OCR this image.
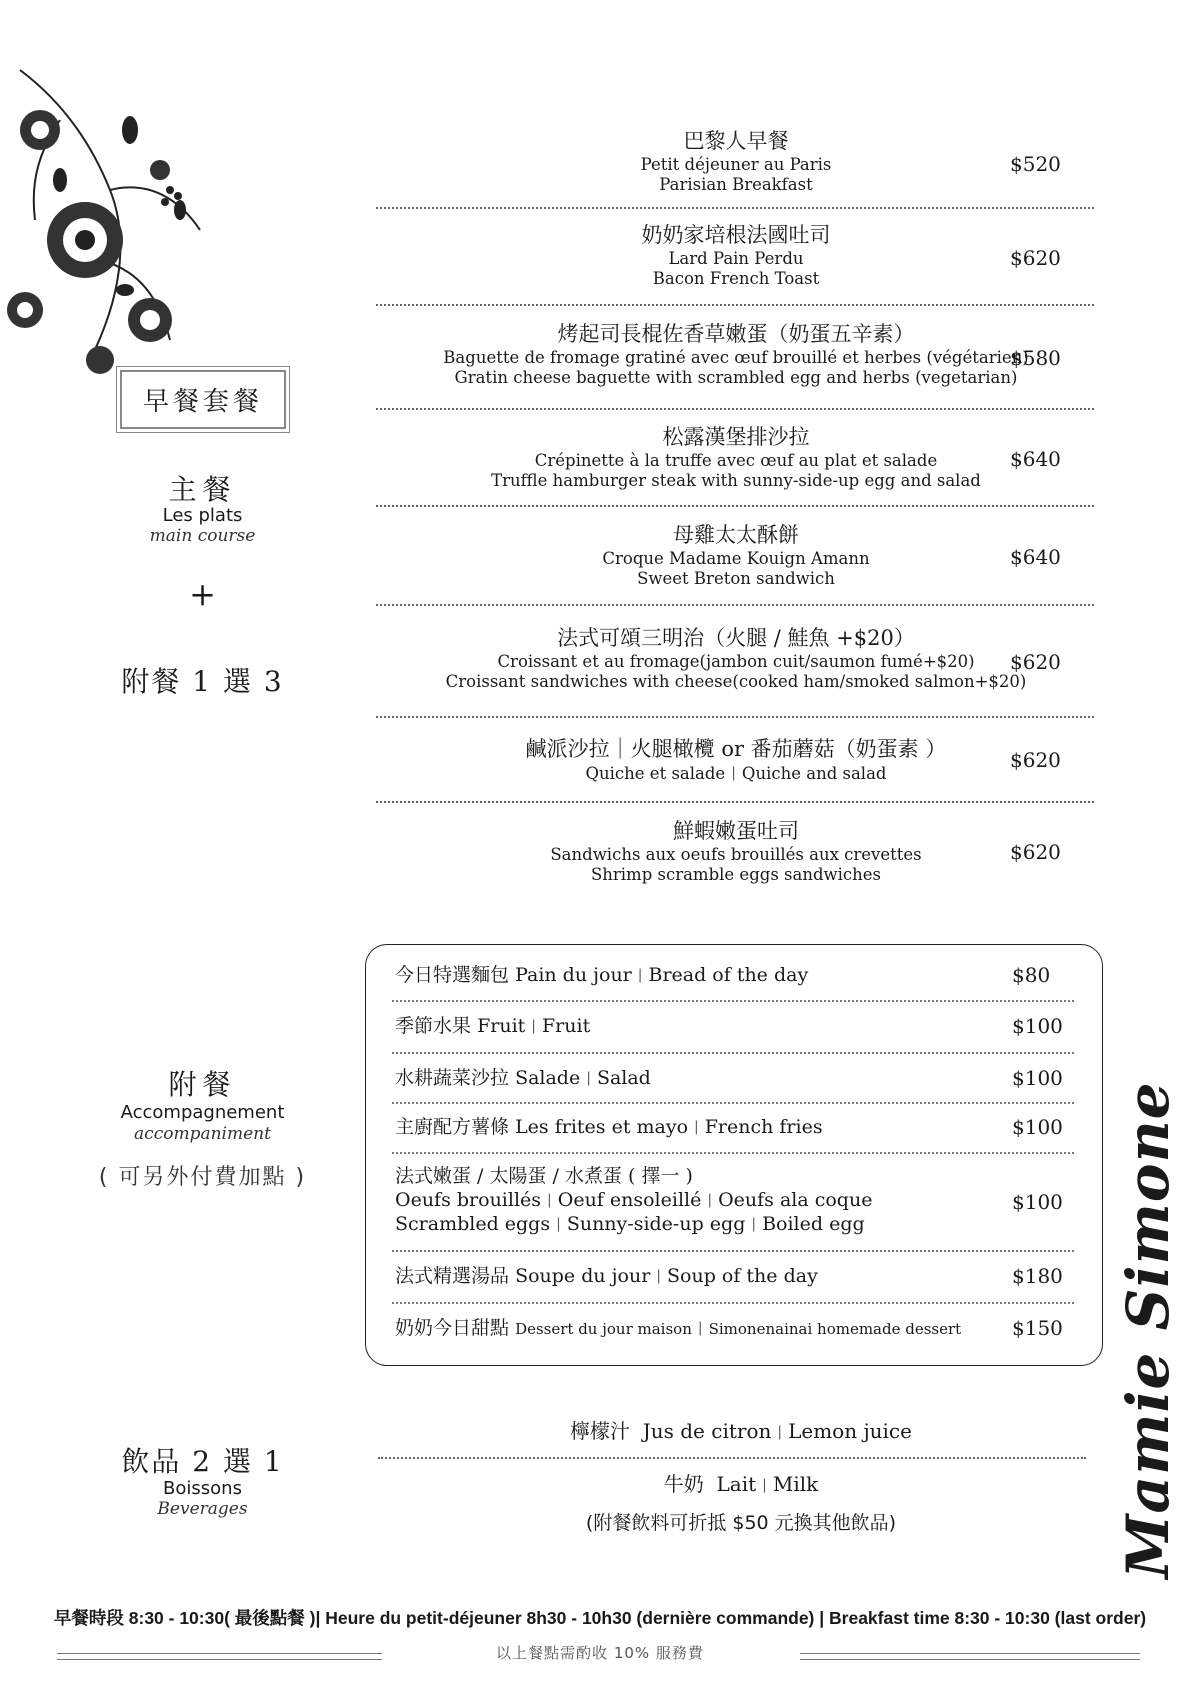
早餐套餐
主餐
Les plats
main course
+
附餐 1 選 3
附餐
Accompagnement
accompaniment
( 可另外付費加點 )
飲品 2 選 1
Boissons
Beverages
巴黎人早餐
Petit déjeuner au Paris
Parisian Breakfast
$520
奶奶家培根法國吐司
Lard Pain Perdu
Bacon French Toast
$620
烤起司長棍佐香草嫩蛋（奶蛋五辛素）
Baguette de fromage gratiné avec œuf brouillé et herbes (végétarien)
Gratin cheese baguette with scrambled egg and herbs (vegetarian)
$580
松露漢堡排沙拉
Crépinette à la truffe avec œuf au plat et salade
Truffle hamburger steak with sunny-side-up egg and salad
$640
母雞太太酥餅
Croque Madame Kouign Amann
Sweet Breton sandwich
$640
法式可頌三明治（火腿 / 鮭魚 +$20）
Croissant et au fromage(jambon cuit/saumon fumé+$20)
Croissant sandwiches with cheese(cooked ham/smoked salmon+$20)
$620
鹹派沙拉｜火腿橄欖 or 番茄蘑菇（奶蛋素 ）
Quiche et salade | Quiche and salad
$620
鮮蝦嫩蛋吐司
Sandwichs aux oeufs brouillés aux crevettes
Shrimp scramble eggs sandwiches
$620
今日特選麵包 Pain du jour | Bread of the day	$80
季節水果 Fruit | Fruit	$100
水耕蔬菜沙拉 Salade | Salad	$100
主廚配方薯條 Les frites et mayo | French fries	$100
法式嫩蛋 / 太陽蛋 / 水煮蛋 ( 擇一 )
Oeufs brouillés | Oeuf ensoleillé | Oeufs ala coque
Scrambled eggs | Sunny-side-up egg | Boiled egg
$100
法式精選湯品 Soupe du jour | Soup of the day	$180
奶奶今日甜點 Dessert du jour maison | Simonenainai homemade dessert	$150
檸檬汁 Jus de citron | Lemon juice
牛奶 Lait | Milk
(附餐飲料可折抵 $50 元換其他飲品)	Mamie Simone
早餐時段 8:30 - 10:30( 最後點餐 )| Heure du petit-déjeuner 8h30 - 10h30 (dernière commande) | Breakfast time 8:30 - 10:30 (last order)
以上餐點需酌收 10% 服務費
